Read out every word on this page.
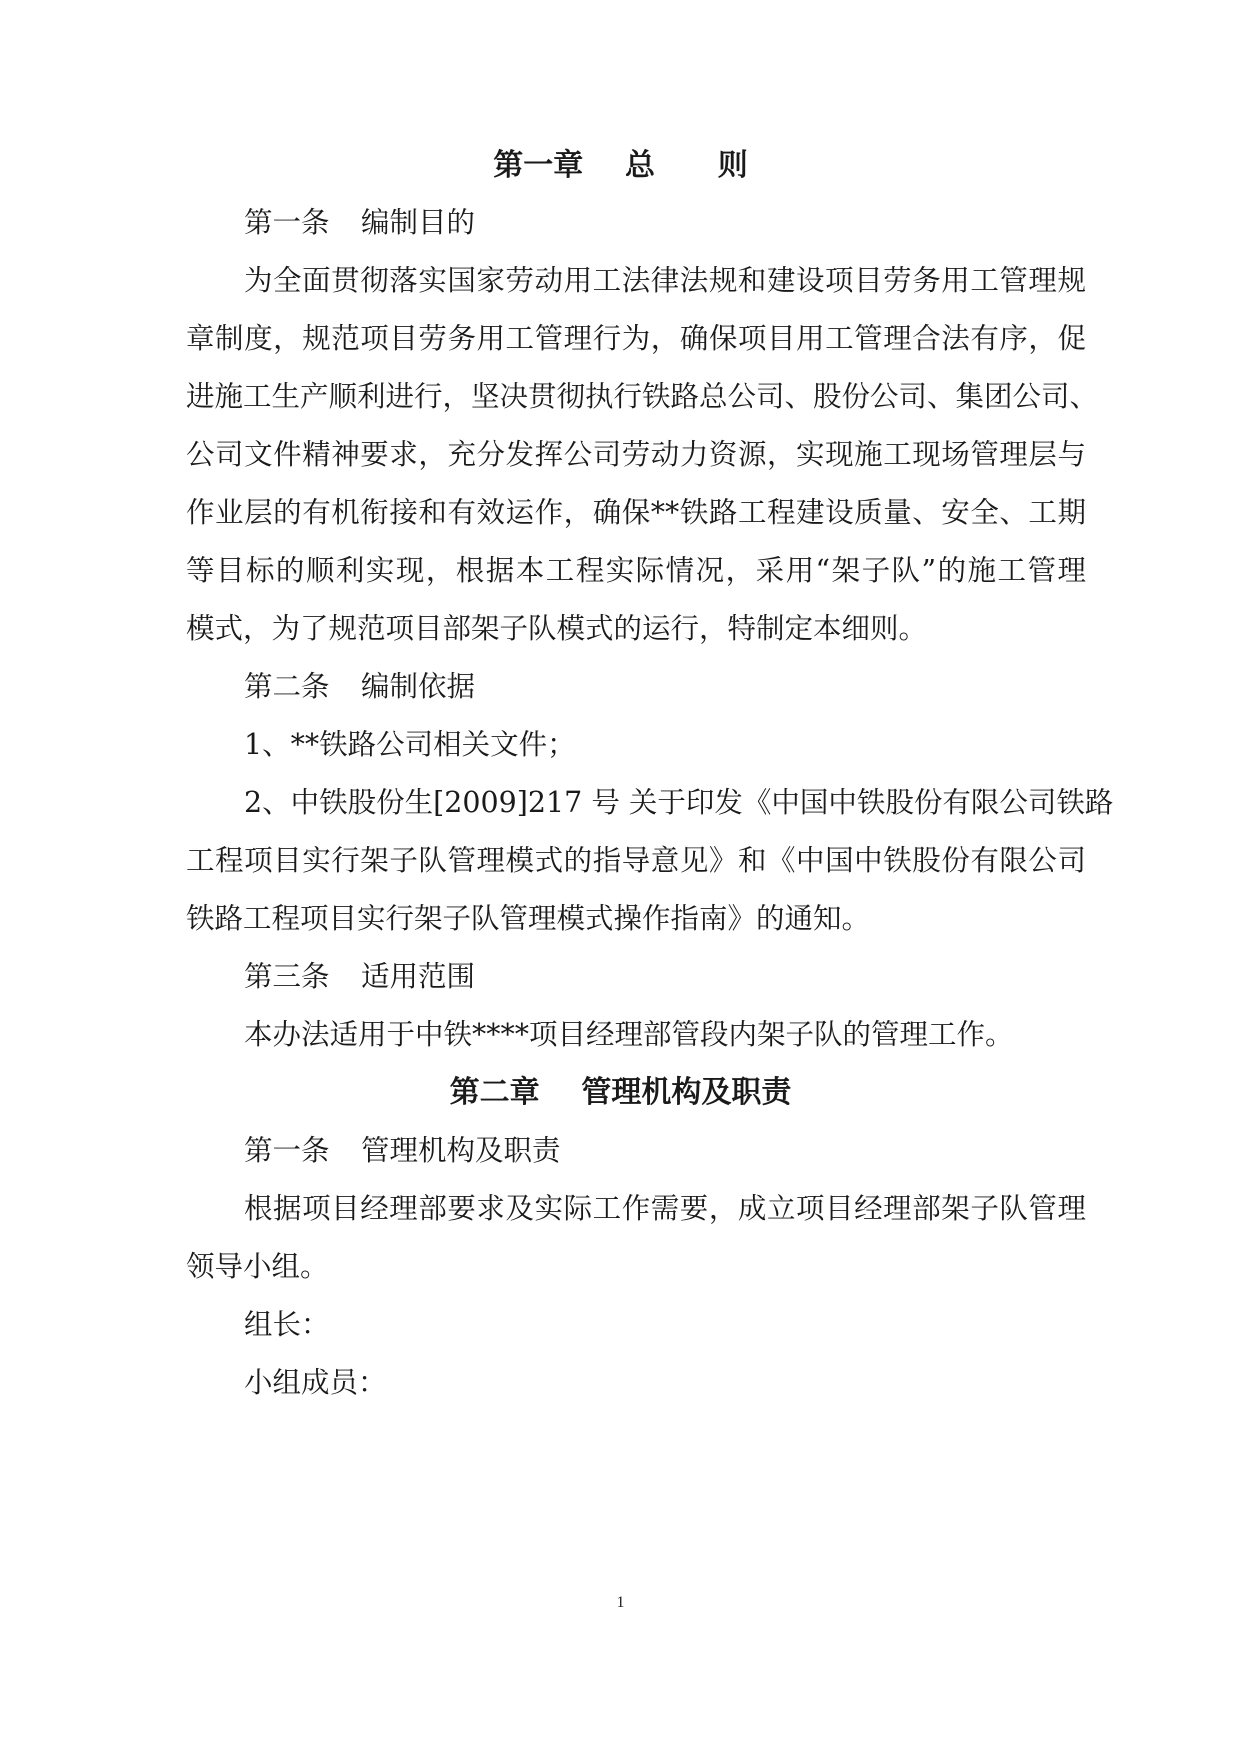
第一章    总      则

第一条 编制目的

为全面贯彻落实国家劳动用工法律法规和建设项目劳务用工管理规

章制度，规范项目劳务用工管理行为，确保项目用工管理合法有序，促

进施工生产顺利进行，坚决贯彻执行铁路总公司、股份公司、集团公司、

公司文件精神要求，充分发挥公司劳动力资源，实现施工现场管理层与

作业层的有机衔接和有效运作，确保**铁路工程建设质量、安全、工期

等目标的顺利实现，根据本工程实际情况，采用“架子队”的施工管理

模式，为了规范项目部架子队模式的运行，特制定本细则。

第二条 编制依据

1、**铁路公司相关文件；

2、中铁股份生[2009]217 号 关于印发《中国中铁股份有限公司铁路

工程项目实行架子队管理模式的指导意见》和《中国中铁股份有限公司

铁路工程项目实行架子队管理模式操作指南》的通知。

第三条 适用范围

本办法适用于中铁****项目经理部管段内架子队的管理工作。

第二章    管理机构及职责

第一条 管理机构及职责

根据项目经理部要求及实际工作需要，成立项目经理部架子队管理

领导小组。

组长：

小组成员：

1
